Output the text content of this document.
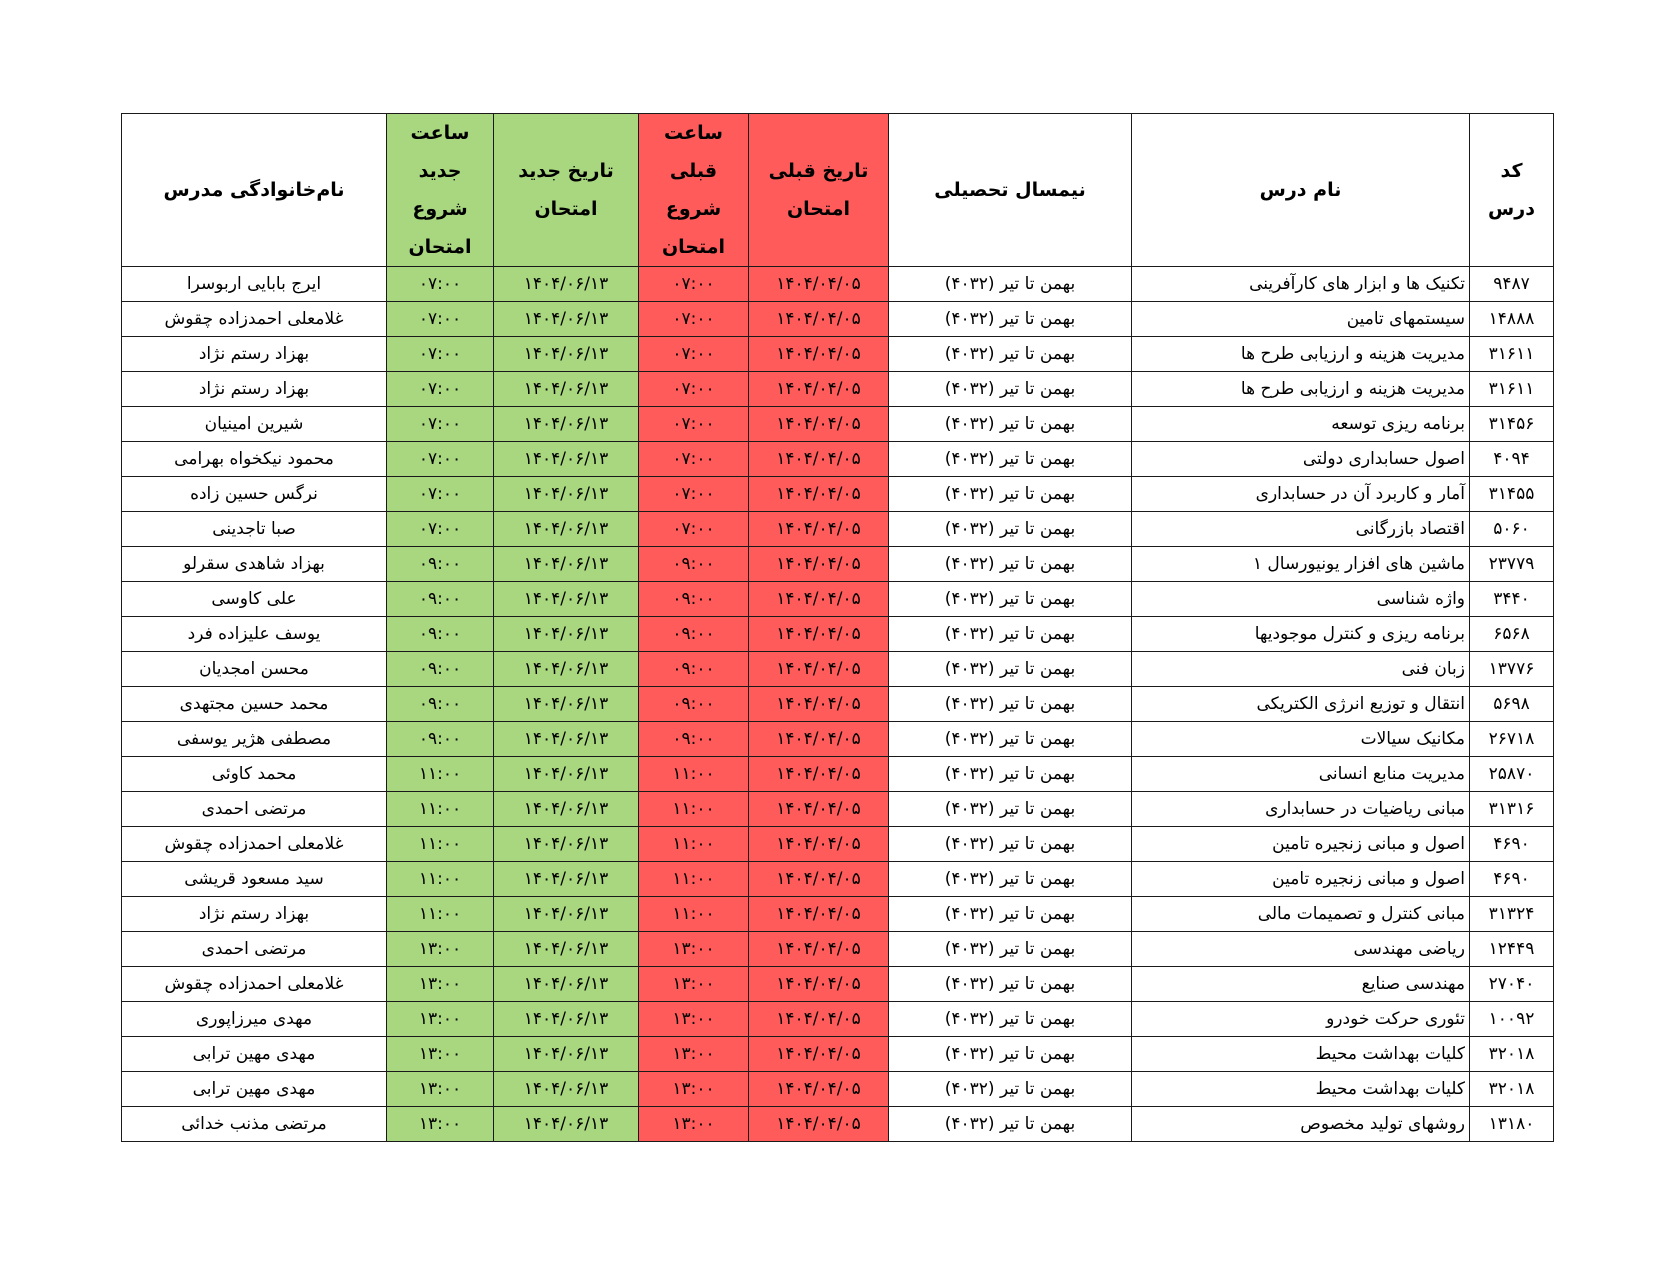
کد درس	نام درس	نیمسال تحصیلی	تاریخ قبلی امتحان	ساعت قبلی شروع امتحان	تاریخ جدید امتحان	ساعت جدید شروع امتحان	نام‌خانوادگی مدرس
۹۴۸۷	تکنیک ها و ابزار های کارآفرینی	بهمن تا تیر (۴۰۳۲)	۱۴۰۴/۰۴/۰۵	۰۷:۰۰	۱۴۰۴/۰۶/۱۳	۰۷:۰۰	ایرج بابایی اربوسرا
۱۴۸۸۸	سیستمهای تامین	بهمن تا تیر (۴۰۳۲)	۱۴۰۴/۰۴/۰۵	۰۷:۰۰	۱۴۰۴/۰۶/۱۳	۰۷:۰۰	غلامعلی احمدزاده چقوش
۳۱۶۱۱	مدیریت هزینه و ارزیابی طرح ها	بهمن تا تیر (۴۰۳۲)	۱۴۰۴/۰۴/۰۵	۰۷:۰۰	۱۴۰۴/۰۶/۱۳	۰۷:۰۰	بهزاد رستم نژاد
۳۱۶۱۱	مدیریت هزینه و ارزیابی طرح ها	بهمن تا تیر (۴۰۳۲)	۱۴۰۴/۰۴/۰۵	۰۷:۰۰	۱۴۰۴/۰۶/۱۳	۰۷:۰۰	بهزاد رستم نژاد
۳۱۴۵۶	برنامه ریزی توسعه	بهمن تا تیر (۴۰۳۲)	۱۴۰۴/۰۴/۰۵	۰۷:۰۰	۱۴۰۴/۰۶/۱۳	۰۷:۰۰	شیرین امینیان
۴۰۹۴	اصول حسابداری دولتی	بهمن تا تیر (۴۰۳۲)	۱۴۰۴/۰۴/۰۵	۰۷:۰۰	۱۴۰۴/۰۶/۱۳	۰۷:۰۰	محمود نیکخواه بهرامی
۳۱۴۵۵	آمار و کاربرد آن در حسابداری	بهمن تا تیر (۴۰۳۲)	۱۴۰۴/۰۴/۰۵	۰۷:۰۰	۱۴۰۴/۰۶/۱۳	۰۷:۰۰	نرگس حسین زاده
۵۰۶۰	اقتصاد بازرگانی	بهمن تا تیر (۴۰۳۲)	۱۴۰۴/۰۴/۰۵	۰۷:۰۰	۱۴۰۴/۰۶/۱۳	۰۷:۰۰	صبا تاجدینی
۲۳۷۷۹	ماشین های افزار یونیورسال ۱	بهمن تا تیر (۴۰۳۲)	۱۴۰۴/۰۴/۰۵	۰۹:۰۰	۱۴۰۴/۰۶/۱۳	۰۹:۰۰	بهزاد شاهدی سقرلو
۳۴۴۰	واژه شناسی	بهمن تا تیر (۴۰۳۲)	۱۴۰۴/۰۴/۰۵	۰۹:۰۰	۱۴۰۴/۰۶/۱۳	۰۹:۰۰	علی کاوسی
۶۵۶۸	برنامه ریزی و کنترل موجودیها	بهمن تا تیر (۴۰۳۲)	۱۴۰۴/۰۴/۰۵	۰۹:۰۰	۱۴۰۴/۰۶/۱۳	۰۹:۰۰	یوسف علیزاده فرد
۱۳۷۷۶	زبان فنی	بهمن تا تیر (۴۰۳۲)	۱۴۰۴/۰۴/۰۵	۰۹:۰۰	۱۴۰۴/۰۶/۱۳	۰۹:۰۰	محسن امجدیان
۵۶۹۸	انتقال و توزیع انرژی الکتریکی	بهمن تا تیر (۴۰۳۲)	۱۴۰۴/۰۴/۰۵	۰۹:۰۰	۱۴۰۴/۰۶/۱۳	۰۹:۰۰	محمد حسین مجتهدی
۲۶۷۱۸	مکانیک سیالات	بهمن تا تیر (۴۰۳۲)	۱۴۰۴/۰۴/۰۵	۰۹:۰۰	۱۴۰۴/۰۶/۱۳	۰۹:۰۰	مصطفی هژیر یوسفی
۲۵۸۷۰	مدیریت منابع انسانی	بهمن تا تیر (۴۰۳۲)	۱۴۰۴/۰۴/۰۵	۱۱:۰۰	۱۴۰۴/۰۶/۱۳	۱۱:۰۰	محمد کاوئی
۳۱۳۱۶	مبانی ریاضیات در حسابداری	بهمن تا تیر (۴۰۳۲)	۱۴۰۴/۰۴/۰۵	۱۱:۰۰	۱۴۰۴/۰۶/۱۳	۱۱:۰۰	مرتضی احمدی
۴۶۹۰	اصول و مبانی زنجیره تامین	بهمن تا تیر (۴۰۳۲)	۱۴۰۴/۰۴/۰۵	۱۱:۰۰	۱۴۰۴/۰۶/۱۳	۱۱:۰۰	غلامعلی احمدزاده چقوش
۴۶۹۰	اصول و مبانی زنجیره تامین	بهمن تا تیر (۴۰۳۲)	۱۴۰۴/۰۴/۰۵	۱۱:۰۰	۱۴۰۴/۰۶/۱۳	۱۱:۰۰	سید مسعود قریشی
۳۱۳۲۴	مبانی کنترل و تصمیمات مالی	بهمن تا تیر (۴۰۳۲)	۱۴۰۴/۰۴/۰۵	۱۱:۰۰	۱۴۰۴/۰۶/۱۳	۱۱:۰۰	بهزاد رستم نژاد
۱۲۴۴۹	ریاضی مهندسی	بهمن تا تیر (۴۰۳۲)	۱۴۰۴/۰۴/۰۵	۱۳:۰۰	۱۴۰۴/۰۶/۱۳	۱۳:۰۰	مرتضی احمدی
۲۷۰۴۰	مهندسی صنایع	بهمن تا تیر (۴۰۳۲)	۱۴۰۴/۰۴/۰۵	۱۳:۰۰	۱۴۰۴/۰۶/۱۳	۱۳:۰۰	غلامعلی احمدزاده چقوش
۱۰۰۹۲	تئوری حرکت خودرو	بهمن تا تیر (۴۰۳۲)	۱۴۰۴/۰۴/۰۵	۱۳:۰۰	۱۴۰۴/۰۶/۱۳	۱۳:۰۰	مهدی میرزاپوری
۳۲۰۱۸	کلیات بهداشت محیط	بهمن تا تیر (۴۰۳۲)	۱۴۰۴/۰۴/۰۵	۱۳:۰۰	۱۴۰۴/۰۶/۱۳	۱۳:۰۰	مهدی مهین ترابی
۳۲۰۱۸	کلیات بهداشت محیط	بهمن تا تیر (۴۰۳۲)	۱۴۰۴/۰۴/۰۵	۱۳:۰۰	۱۴۰۴/۰۶/۱۳	۱۳:۰۰	مهدی مهین ترابی
۱۳۱۸۰	روشهای تولید مخصوص	بهمن تا تیر (۴۰۳۲)	۱۴۰۴/۰۴/۰۵	۱۳:۰۰	۱۴۰۴/۰۶/۱۳	۱۳:۰۰	مرتضی مذنب خدائی
